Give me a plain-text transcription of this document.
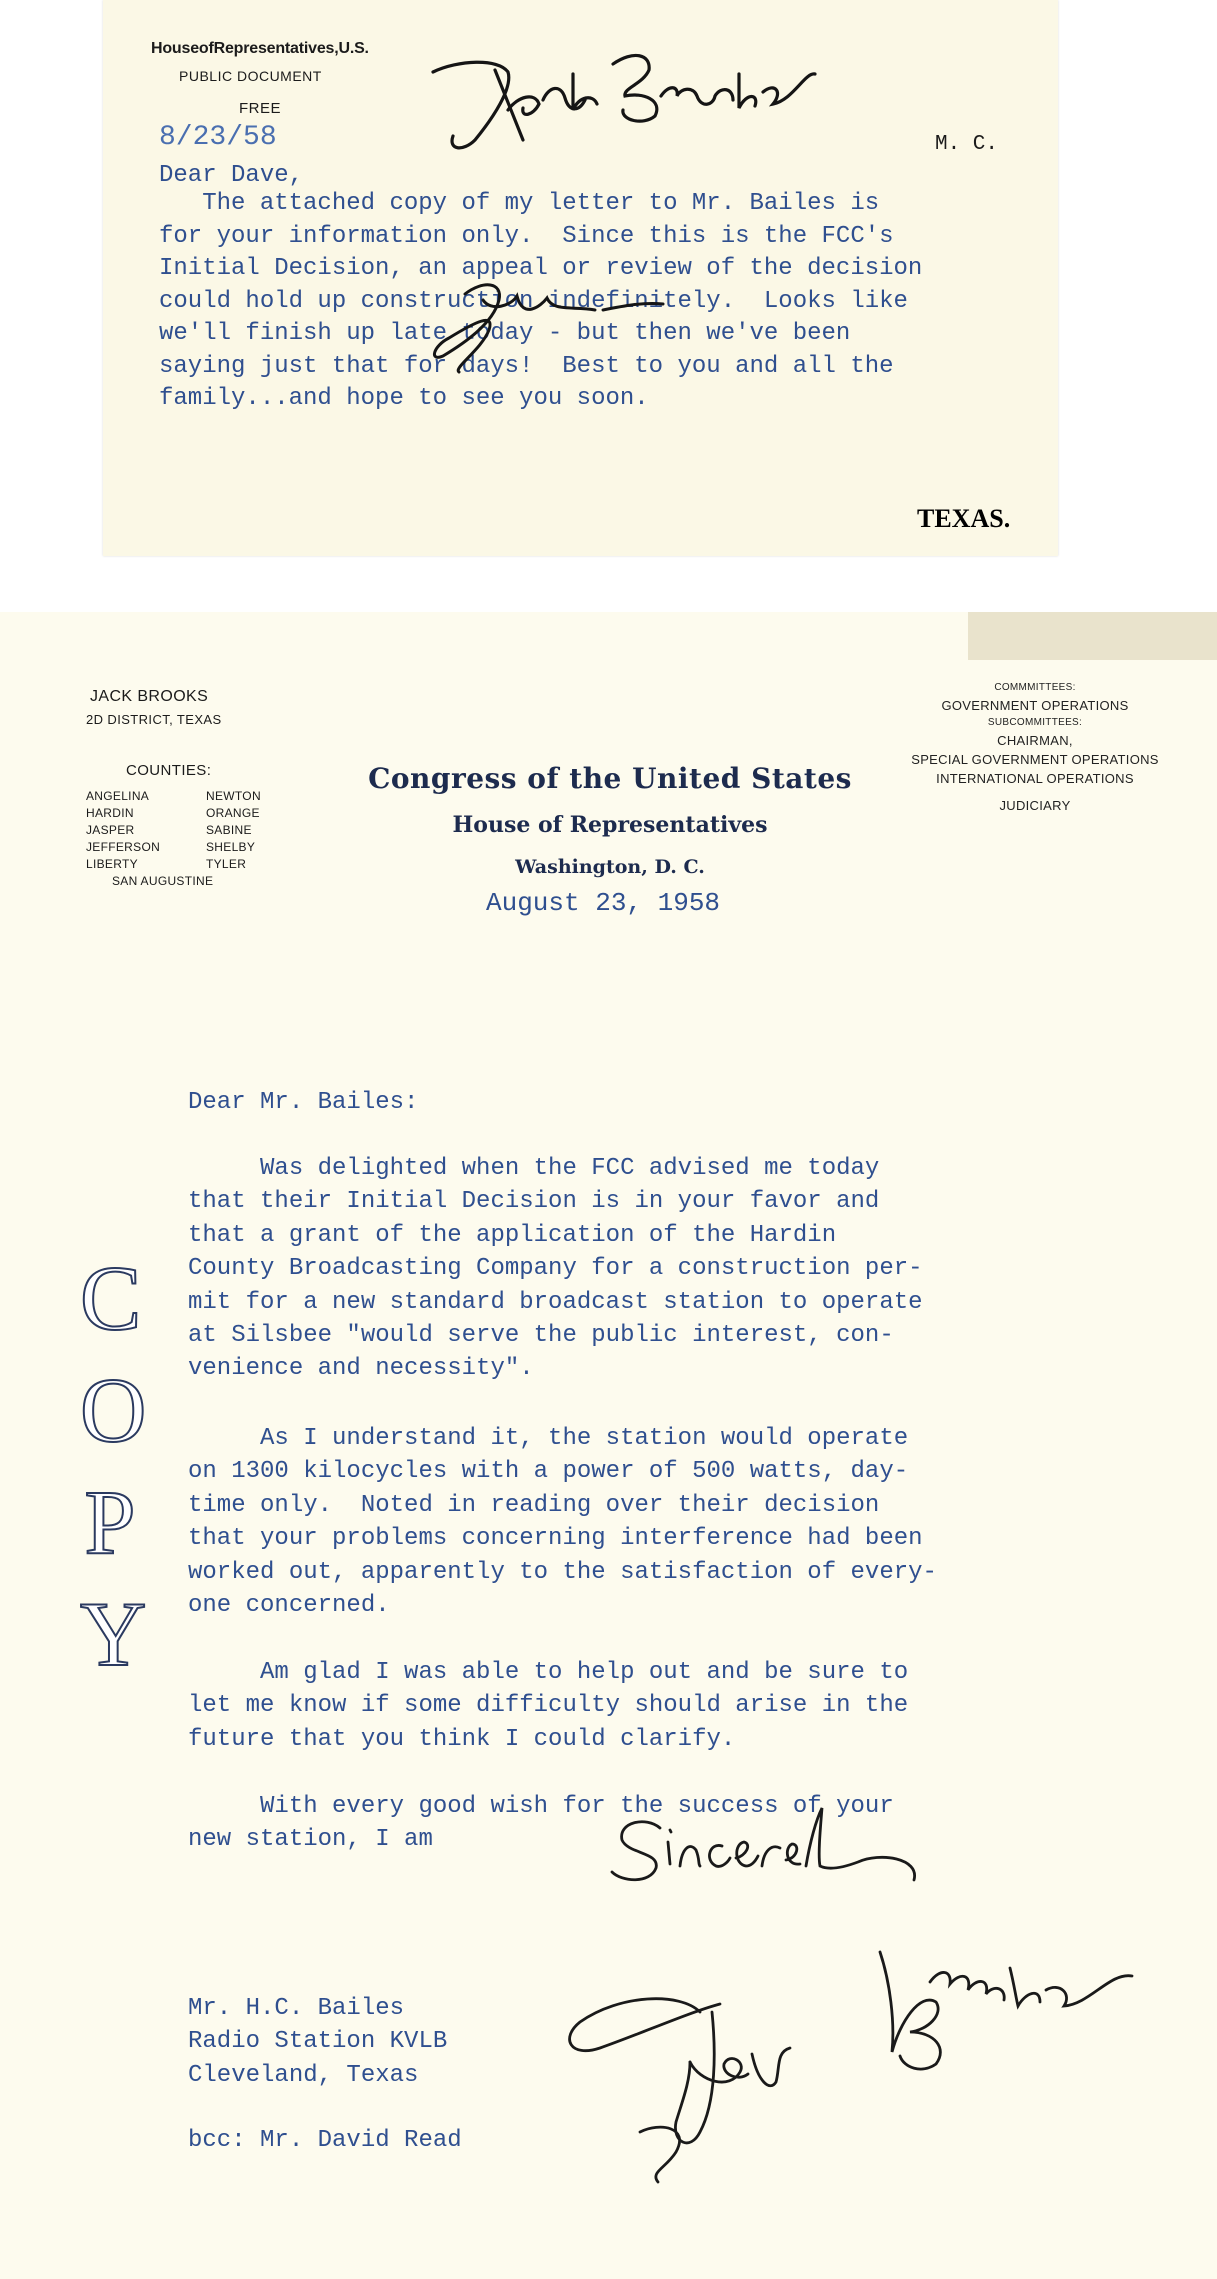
HouseofRepresentatives,U.S.
PUBLIC DOCUMENT
FREE
8/23/58	M. C.
Dear Dave,
The attached copy of my letter to Mr. Bailes is
for your information only.  Since this is the FCC's
Initial Decision, an appeal or review of the decision
could hold up construction indefinitely.  Looks like
we'll finish up late today - but then we've been
saying just that for days!  Best to you and all the
family...and hope to see you soon.
TEXAS.
JACK BROOKS
2D DISTRICT, TEXAS
COUNTIES:
ANGELINA	NEWTON
HARDIN	ORANGE
JASPER	SABINE
JEFFERSON	SHELBY
LIBERTY	TYLER
SAN AUGUSTINE
Congress of the United States
House of Representatives
Washington, D. C.
August 23, 1958
COMMMITTEES:
GOVERNMENT OPERATIONS
SUBCOMMITTEES:
CHAIRMAN,
SPECIAL GOVERNMENT OPERATIONS
INTERNATIONAL OPERATIONS
JUDICIARY
C
O
P
Y
Dear Mr. Bailes:
Was delighted when the FCC advised me today
that their Initial Decision is in your favor and
that a grant of the application of the Hardin
County Broadcasting Company for a construction per-
mit for a new standard broadcast station to operate
at Silsbee "would serve the public interest, con-
venience and necessity".
As I understand it, the station would operate
on 1300 kilocycles with a power of 500 watts, day-
time only.  Noted in reading over their decision
that your problems concerning interference had been
worked out, apparently to the satisfaction of every-
one concerned.
Am glad I was able to help out and be sure to
let me know if some difficulty should arise in the
future that you think I could clarify.
With every good wish for the success of your
new station, I am
Mr. H.C. Bailes
Radio Station KVLB
Cleveland, Texas
bcc: Mr. David Read
